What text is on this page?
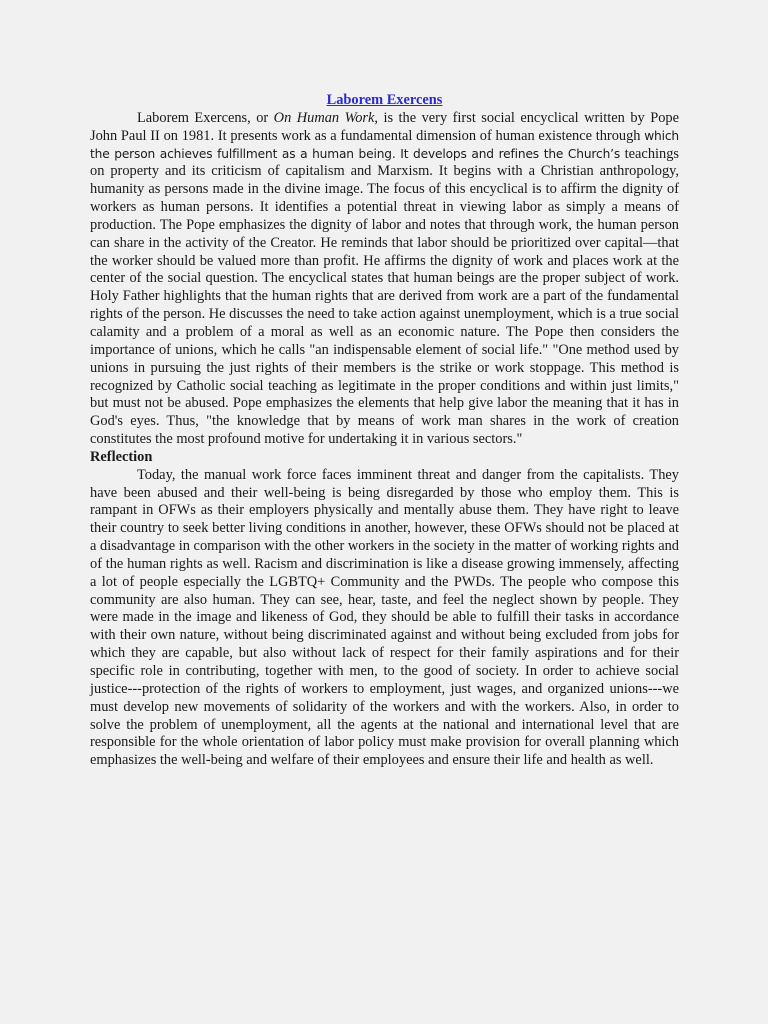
Laborem Exercens

Laborem Exercens, or On Human Work, is the very first social encyclical written by Pope John Paul II on 1981. It presents work as a fundamental dimension of human existence through which the person achieves fulfillment as a human being. It develops and refines the Church’s teachings on property and its criticism of capitalism and Marxism. It begins with a Christian anthropology, humanity as persons made in the divine image. The focus of this encyclical is to affirm the dignity of workers as human persons. It identifies a potential threat in viewing labor as simply a means of production. The Pope emphasizes the dignity of labor and notes that through work, the human person can share in the activity of the Creator. He reminds that labor should be prioritized over capital—that the worker should be valued more than profit. He affirms the dignity of work and places work at the center of the social question. The encyclical states that human beings are the proper subject of work. Holy Father highlights that the human rights that are derived from work are a part of the fundamental rights of the person. He discusses the need to take action against unemployment, which is a true social calamity and a problem of a moral as well as an economic nature. The Pope then considers the importance of unions, which he calls "an indispensable element of social life." "One method used by unions in pursuing the just rights of their members is the strike or work stoppage. This method is recognized by Catholic social teaching as legitimate in the proper conditions and within just limits," but must not be abused. Pope emphasizes the elements that help give labor the meaning that it has in God's eyes. Thus, "the knowledge that by means of work man shares in the work of creation constitutes the most profound motive for undertaking it in various sectors."

Reflection

Today, the manual work force faces imminent threat and danger from the capitalists. They have been abused and their well-being is being disregarded by those who employ them. This is rampant in OFWs as their employers physically and mentally abuse them. They have right to leave their country to seek better living conditions in another, however, these OFWs should not be placed at a disadvantage in comparison with the other workers in the society in the matter of working rights and of the human rights as well. Racism and discrimination is like a disease growing immensely, affecting a lot of people especially the LGBTQ+ Community and the PWDs. The people who compose this community are also human. They can see, hear, taste, and feel the neglect shown by people. They were made in the image and likeness of God, they should be able to fulfill their tasks in accordance with their own nature, without being discriminated against and without being excluded from jobs for which they are capable, but also without lack of respect for their family aspirations and for their specific role in contributing, together with men, to the good of society. In order to achieve social justice---protection of the rights of workers to employment, just wages, and organized unions---we must develop new movements of solidarity of the workers and with the workers. Also, in order to solve the problem of unemployment, all the agents at the national and international level that are responsible for the whole orientation of labor policy must make provision for overall planning which emphasizes the well-being and welfare of their employees and ensure their life and health as well.
